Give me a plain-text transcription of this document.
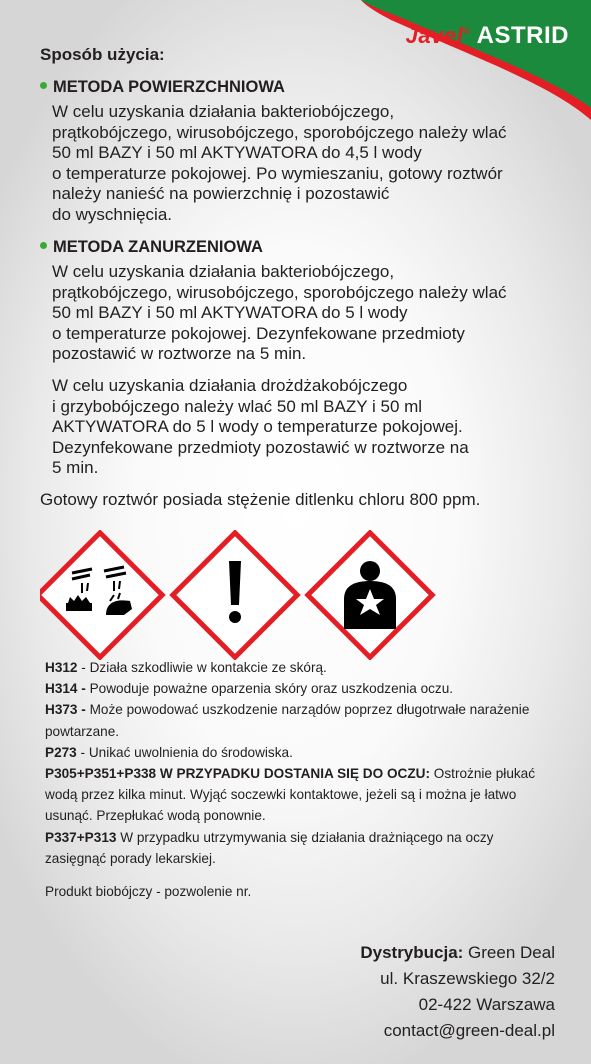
Javel® ASTRID
Sposób użycia:
METODA POWIERZCHNIOWA
W celu uzyskania działania bakteriobójczego,
prątkobójczego, wirusobójczego, sporobójczego należy wlać
50 ml BAZY i 50 ml AKTYWATORA do 4,5 l wody
o temperaturze pokojowej. Po wymieszaniu, gotowy roztwór
należy nanieść na powierzchnię i pozostawić
do wyschnięcia.
METODA ZANURZENIOWA
W celu uzyskania działania bakteriobójczego,
prątkobójczego, wirusobójczego, sporobójczego należy wlać
50 ml BAZY i 50 ml AKTYWATORA do 5 l wody
o temperaturze pokojowej. Dezynfekowane przedmioty
pozostawić w roztworze na 5 min.
W celu uzyskania działania drożdżakobójczego
i grzybobójczego należy wlać 50 ml BAZY i 50 ml
AKTYWATORA do 5 l wody o temperaturze pokojowej.
Dezynfekowane przedmioty pozostawić w roztworze na
5 min.
Gotowy roztwór posiada stężenie ditlenku chloru 800 ppm.
H312 - Działa szkodliwie w kontakcie ze skórą.
H314 - Powoduje poważne oparzenia skóry oraz uszkodzenia oczu.
H373 - Może powodować uszkodzenie narządów poprzez długotrwałe narażenie powtarzane.
P273 - Unikać uwolnienia do środowiska.
P305+P351+P338 W PRZYPADKU DOSTANIA SIĘ DO OCZU: Ostrożnie płukać wodą przez kilka minut. Wyjąć soczewki kontaktowe, jeżeli są i można je łatwo usunąć. Przepłukać wodą ponownie.
P337+P313 W przypadku utrzymywania się działania drażniącego na oczy zasięgnąć porady lekarskiej.
Produkt biobójczy - pozwolenie nr.
Dystrybucja: Green Deal
ul. Kraszewskiego 32/2
02-422 Warszawa
contact@green-deal.pl
